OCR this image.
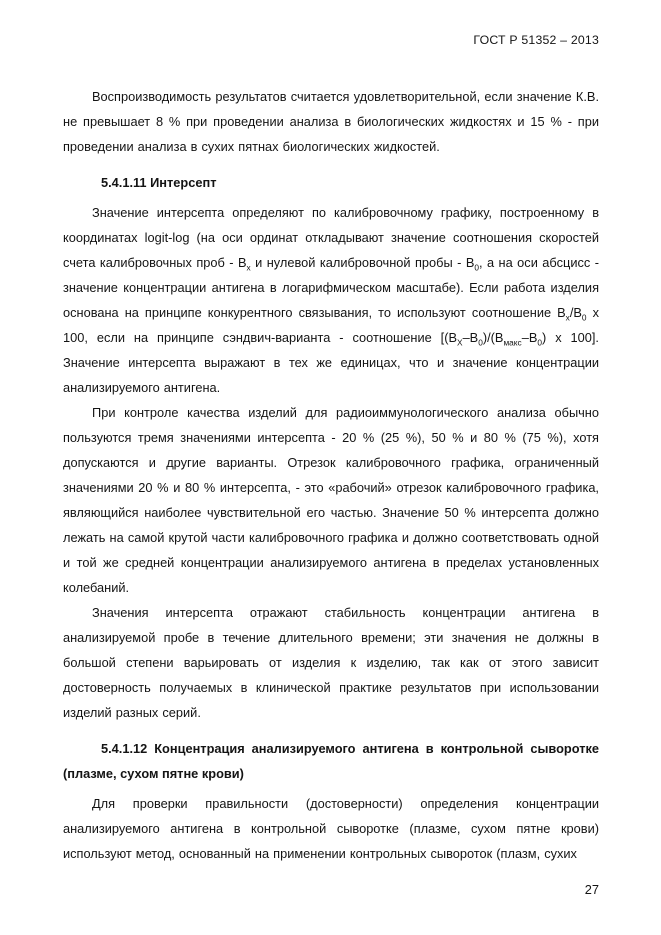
ГОСТ Р 51352 – 2013

Воспроизводимость результатов считается удовлетворительной, если значение К.В. не превышает 8 % при проведении анализа в биологических жидкостях и 15 % - при проведении анализа в сухих пятнах биологических жидкостей.

5.4.1.11 Интерсепт

Значение интерсепта определяют по калибровочному графику, построенному в координатах logit-log (на оси ординат откладывают значение соотношения скоростей счета калибровочных проб - $B_x$ и нулевой калибровочной пробы - $B_0$, а на оси абсцисс - значение концентрации антигена в логарифмическом масштабе). Если работа изделия основана на принципе конкурентного связывания, то используют соотношение $B_x/B_0$ х 100, если на принципе сэндвич-варианта - соотношение [$(B_X-B_0)/(B_{макс}-B_0)$ х 100]. Значение интерсепта выражают в тех же единицах, что и значение концентрации анализируемого антигена.

При контроле качества изделий для радиоиммунологического анализа обычно пользуются тремя значениями интерсепта - 20 % (25 %), 50 % и 80 % (75 %), хотя допускаются и другие варианты. Отрезок калибровочного графика, ограниченный значениями 20 % и 80 % интерсепта, - это «рабочий» отрезок калибровочного графика, являющийся наиболее чувствительной его частью. Значение 50 % интерсепта должно лежать на самой крутой части калибровочного графика и должно соответствовать одной и той же средней концентрации анализируемого антигена в пределах установленных колебаний.

Значения интерсепта отражают стабильность концентрации антигена в анализируемой пробе в течение длительного времени; эти значения не должны в большой степени варьировать от изделия к изделию, так как от этого зависит достоверность получаемых в клинической практике результатов при использовании изделий разных серий.

5.4.1.12 Концентрация анализируемого антигена в контрольной сыворотке (плазме, сухом пятне крови)

Для проверки правильности (достоверности) определения концентрации анализируемого антигена в контрольной сыворотке (плазме, сухом пятне крови) используют метод, основанный на применении контрольных сывороток (плазм, сухих

27
